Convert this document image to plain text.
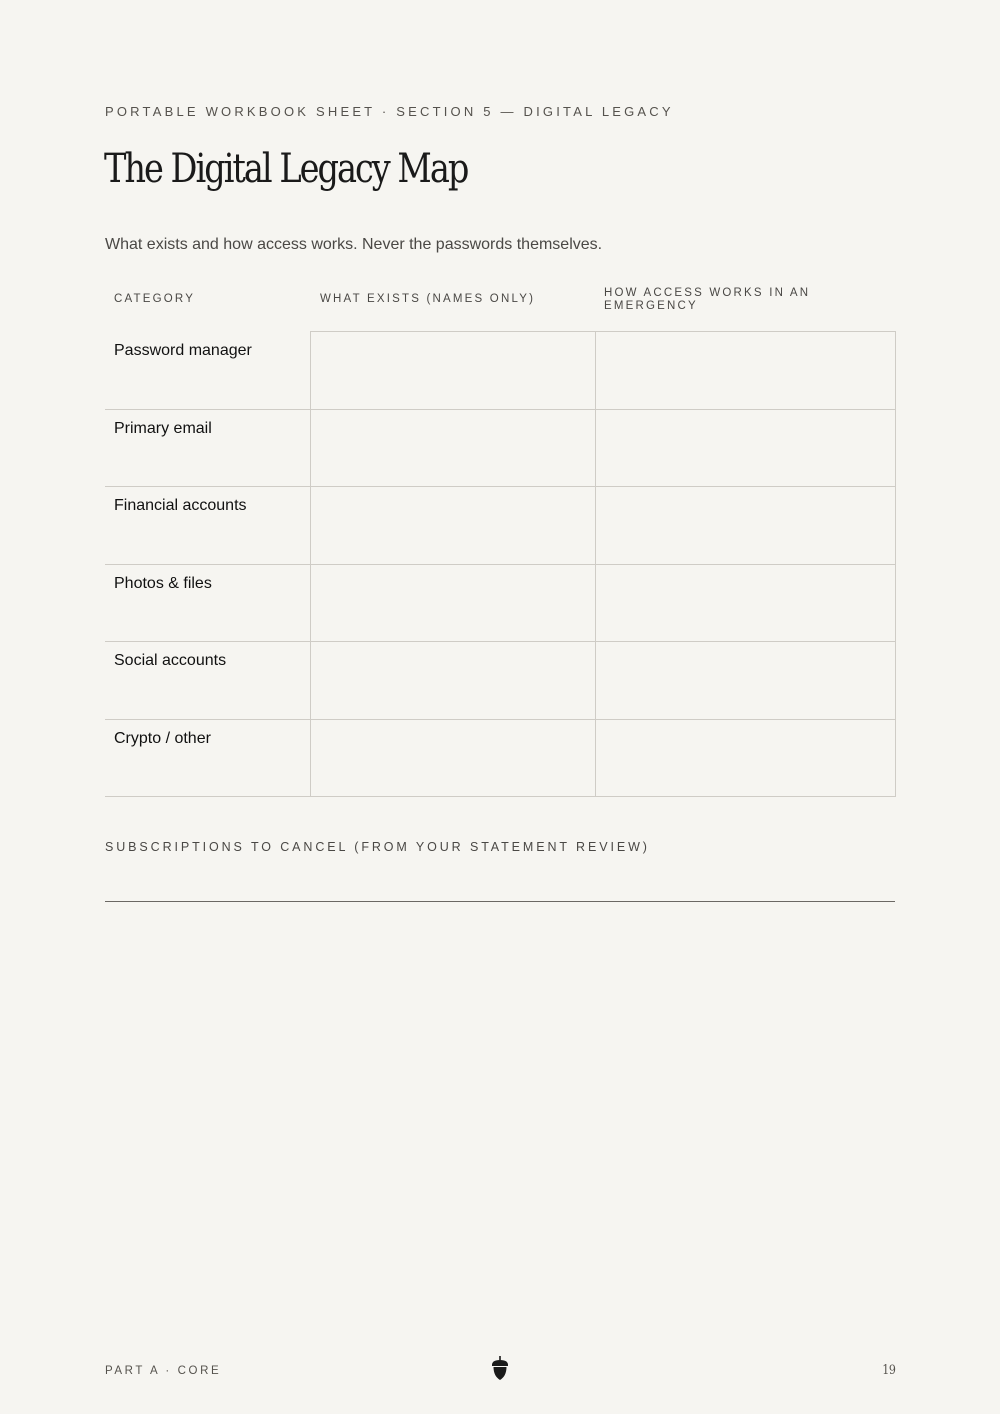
PORTABLE WORKBOOK SHEET · SECTION 5 — DIGITAL LEGACY
The Digital Legacy Map
What exists and how access works. Never the passwords themselves.
CATEGORY	WHAT EXISTS (NAMES ONLY)	HOW ACCESS WORKS IN AN EMERGENCY
Password manager		
Primary email		
Financial accounts		
Photos & files		
Social accounts		
Crypto / other		
SUBSCRIPTIONS TO CANCEL (FROM YOUR STATEMENT REVIEW)
PART A · CORE	19
